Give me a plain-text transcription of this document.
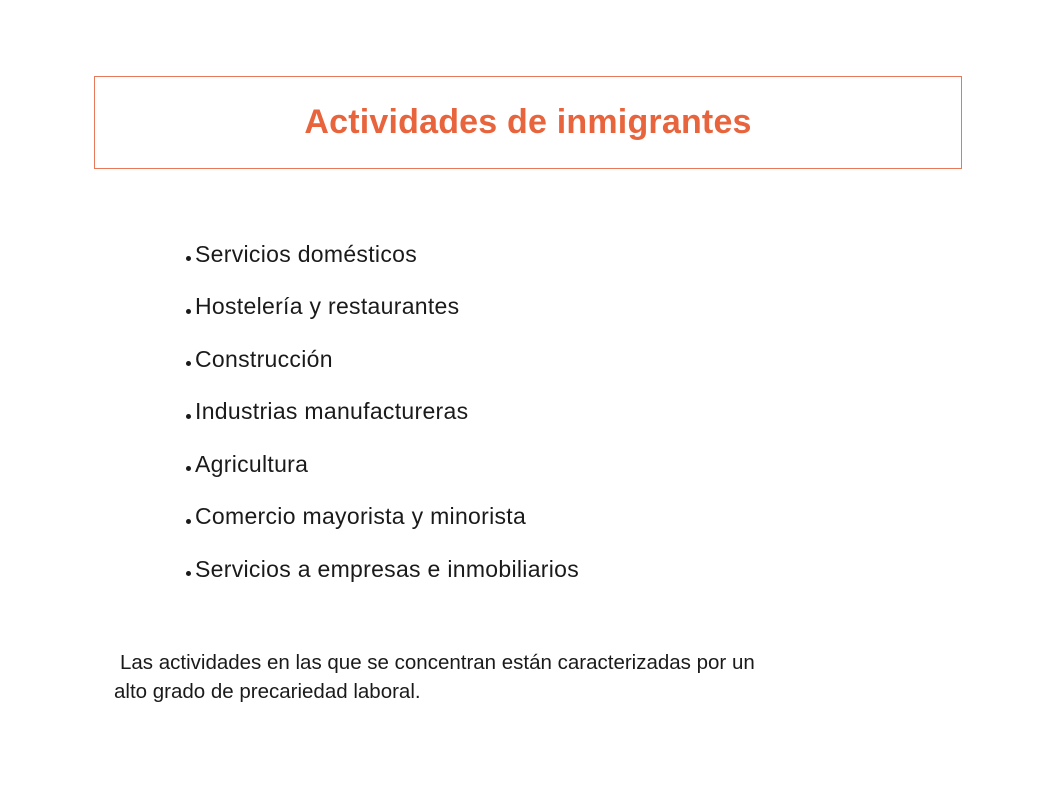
Actividades de inmigrantes
Servicios domésticos
Hostelería y restaurantes
Construcción
Industrias manufactureras
Agricultura
Comercio mayorista y minorista
Servicios a empresas e inmobiliarios

Las actividades en las que se concentran están caracterizadas por un
alto grado de precariedad laboral.
